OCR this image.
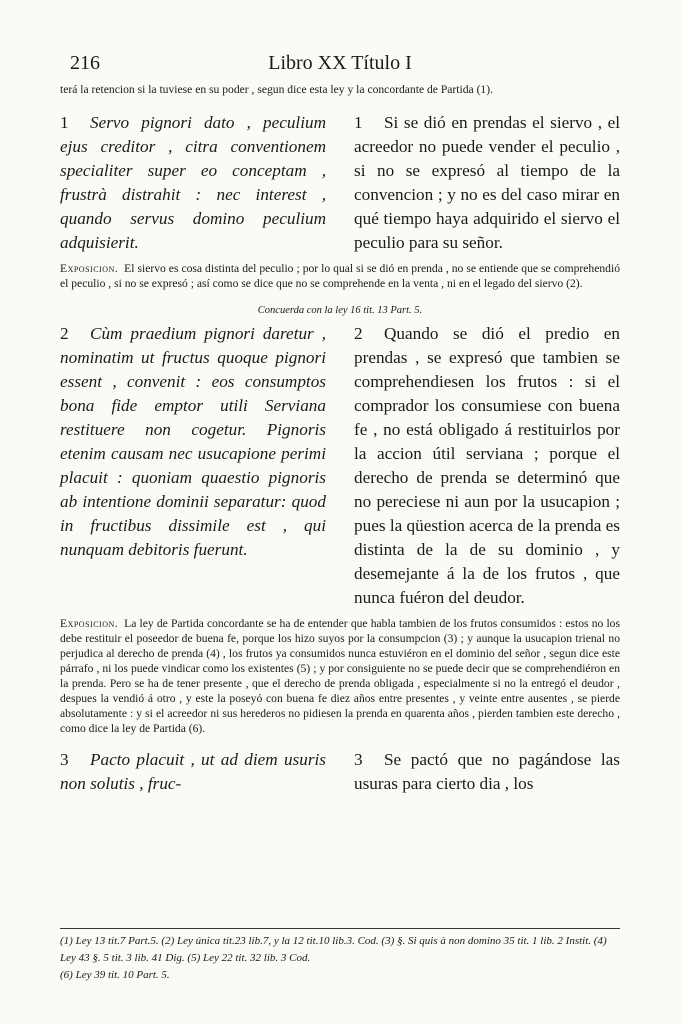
216	Libro XX Título I

terá la retencion si la tuviese en su poder , segun dice esta ley y la concordante de Partida (1).

1 Servo pignori dato , peculium ejus creditor , citra conventionem specialiter super eo conceptam , frustrà distrahit : nec interest , quando servus domino peculium adquisierit.
1 Si se dió en prendas el siervo , el acreedor no puede vender el peculio , si no se expresó al tiempo de la convencion ; y no es del caso mirar en qué tiempo haya adquirido el siervo el peculio para su señor.

Exposicion. El siervo es cosa distinta del peculio ; por lo qual si se dió en prenda , no se entiende que se comprehendió el peculio , si no se expresó ; así como se dice que no se comprehende en la venta , ni en el legado del siervo (2).

Concuerda con la ley 16 tit. 13 Part. 5.

2 Cùm praedium pignori daretur , nominatim ut fructus quoque pignori essent , convenit : eos consumptos bona fide emptor utili Serviana restituere non cogetur. Pignoris etenim causam nec usucapione perimi placuit : quoniam quaestio pignoris ab intentione dominii separatur: quod in fructibus dissimile est , qui nunquam debitoris fuerunt.
2 Quando se dió el predio en prendas , se expresó que tambien se comprehendiesen los frutos : si el comprador los consumiese con buena fe , no está obligado á restituirlos por la accion útil serviana ; porque el derecho de prenda se determinó que no pereciese ni aun por la usucapion ; pues la qüestion acerca de la prenda es distinta de la de su dominio , y desemejante á la de los frutos , que nunca fuéron del deudor.

Exposicion. La ley de Partida concordante se ha de entender que habla tambien de los frutos consumidos : estos no los debe restituir el poseedor de buena fe, porque los hizo suyos por la consumpcion (3) ; y aunque la usucapion trienal no perjudica al derecho de prenda (4) , los frutos ya consumidos nunca estuviéron en el dominio del señor , segun dice este párrafo , ni los puede vindicar como los existentes (5) ; y por consiguiente no se puede decir que se comprehendiéron en la prenda. Pero se ha de tener presente , que el derecho de prenda obligada , especialmente si no la entregó el deudor , despues la vendió á otro , y este la poseyó con buena fe diez años entre presentes , y veinte entre ausentes , se pierde absolutamente : y si el acreedor ni sus herederos no pidiesen la prenda en quarenta años , pierden tambien este derecho , como dice la ley de Partida (6).

3 Pacto placuit , ut ad diem usuris non solutis , fruc-
3 Se pactó que no pagándose las usuras para cierto dia , los
(1) Ley 13 tit.7 Part.5. (2) Ley única tit.23 lib.7, y la 12 tit.10 lib.3. Cod. (3) §. Si quis à non domino 35 tit. 1 lib. 2 Instit. (4) Ley 43 §. 5 tit. 3 lib. 41 Dig. (5) Ley 22 tit. 32 lib. 3 Cod.
(6) Ley 39 tit. 10 Part. 5.
